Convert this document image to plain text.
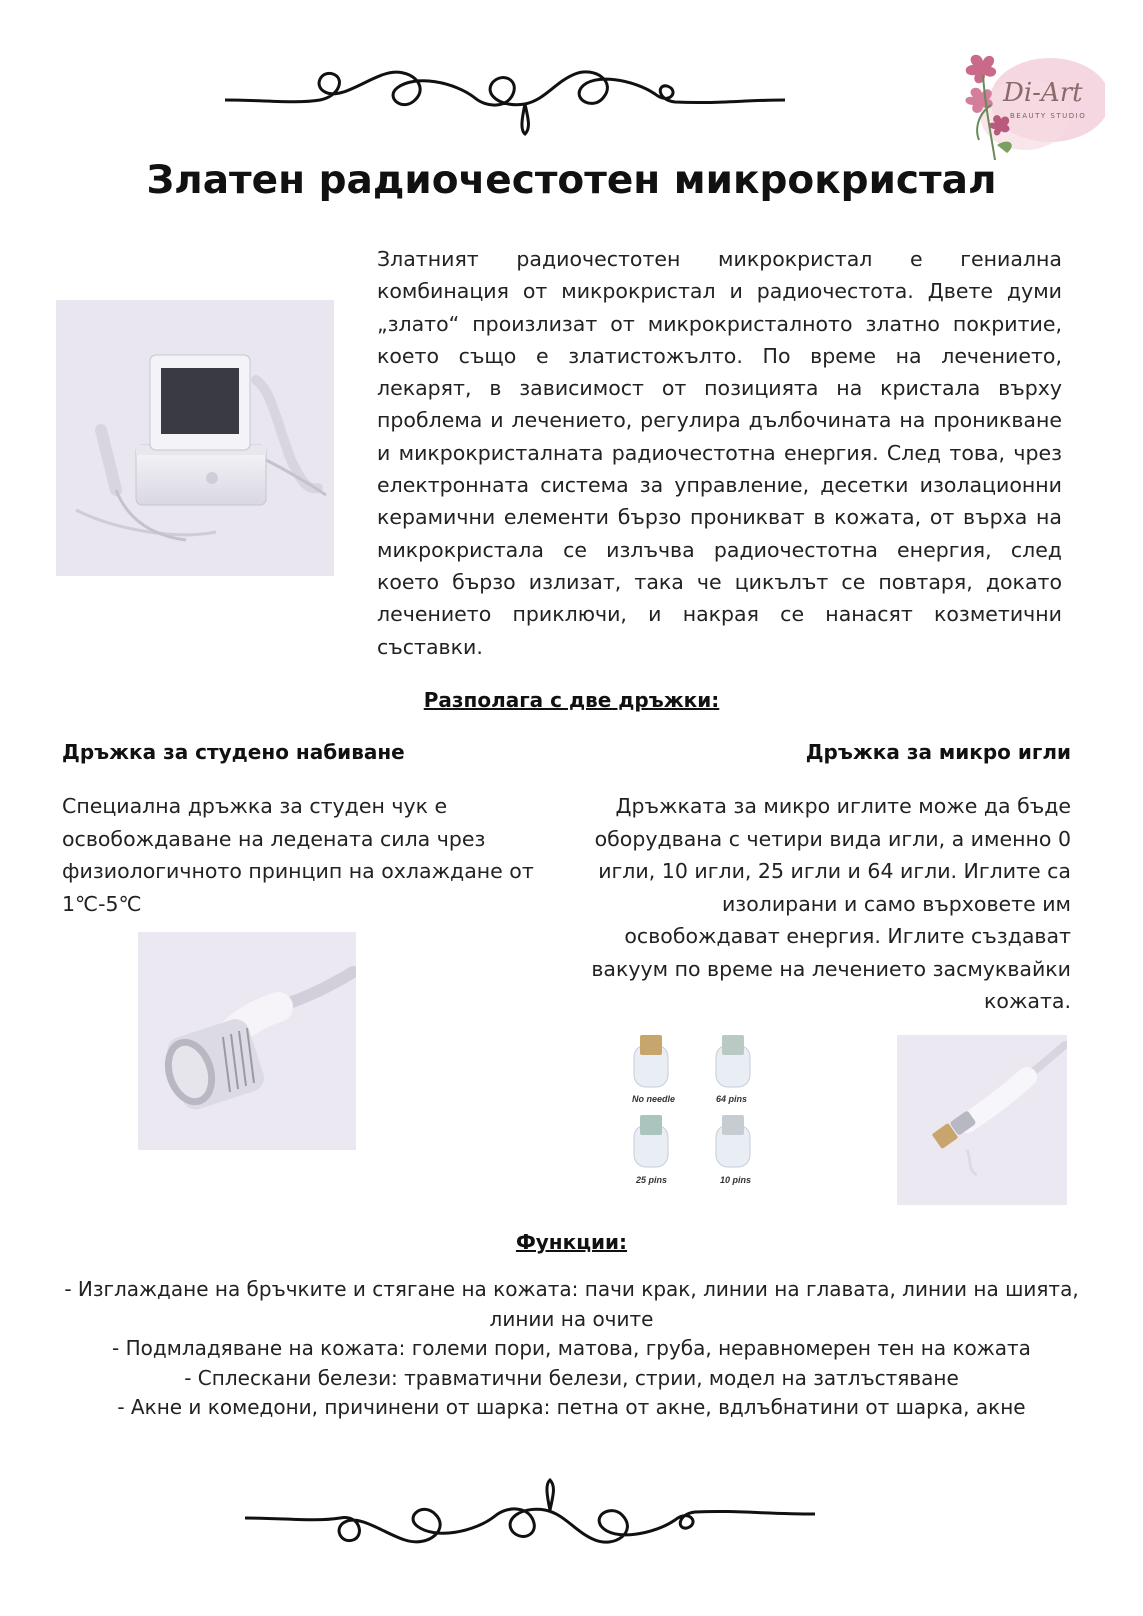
Di-Art
BEAUTY STUDIO
Златен радиочестотен микрокристал

Златният радиочестотен микрокристал е гениална комбинация от микрокристал и радиочестота. Двете думи „злато“ произлизат от микрокристалното златно покритие, което също е златистожълто. По време на лечението, лекарят, в зависимост от позицията на кристала върху проблема и лечението, регулира дълбочината на проникване и микрокристалната радиочестотна енергия. След това, чрез електронната система за управление, десетки изолационни керамични елементи бързо проникват в кожата, от върха на микрокристала се излъчва радиочестотна енергия, след което бързо излизат, така че цикълът се повтаря, докато лечението приключи, и накрая се нанасят козметични съставки.

Разполага с две дръжки:
Дръжка за студено набиване

Специална дръжка за студен чук е освобождаване на ледената сила чрез физиологичното принцип на охлаждане от 1℃-5℃

Дръжка за микро игли

Дръжката за микро иглите може да бъде оборудвана с четири вида игли, а именно 0 игли, 10 игли, 25 игли и 64 игли. Иглите са изолирани и само върховете им освобождават енергия. Иглите създават вакуум по време на лечението засмуквайки кожата.

No needle	64 pins
25 pins	10 pins
Функции:
- Изглаждане на бръчките и стягане на кожата: пачи крак, линии на главата, линии на шията, линии на очите
- Подмладяване на кожата: големи пори, матова, груба, неравномерен тен на кожата
- Сплескани белези: травматични белези, стрии, модел на затлъстяване
- Акне и комедони, причинени от шарка: петна от акне, вдлъбнатини от шарка, акне
